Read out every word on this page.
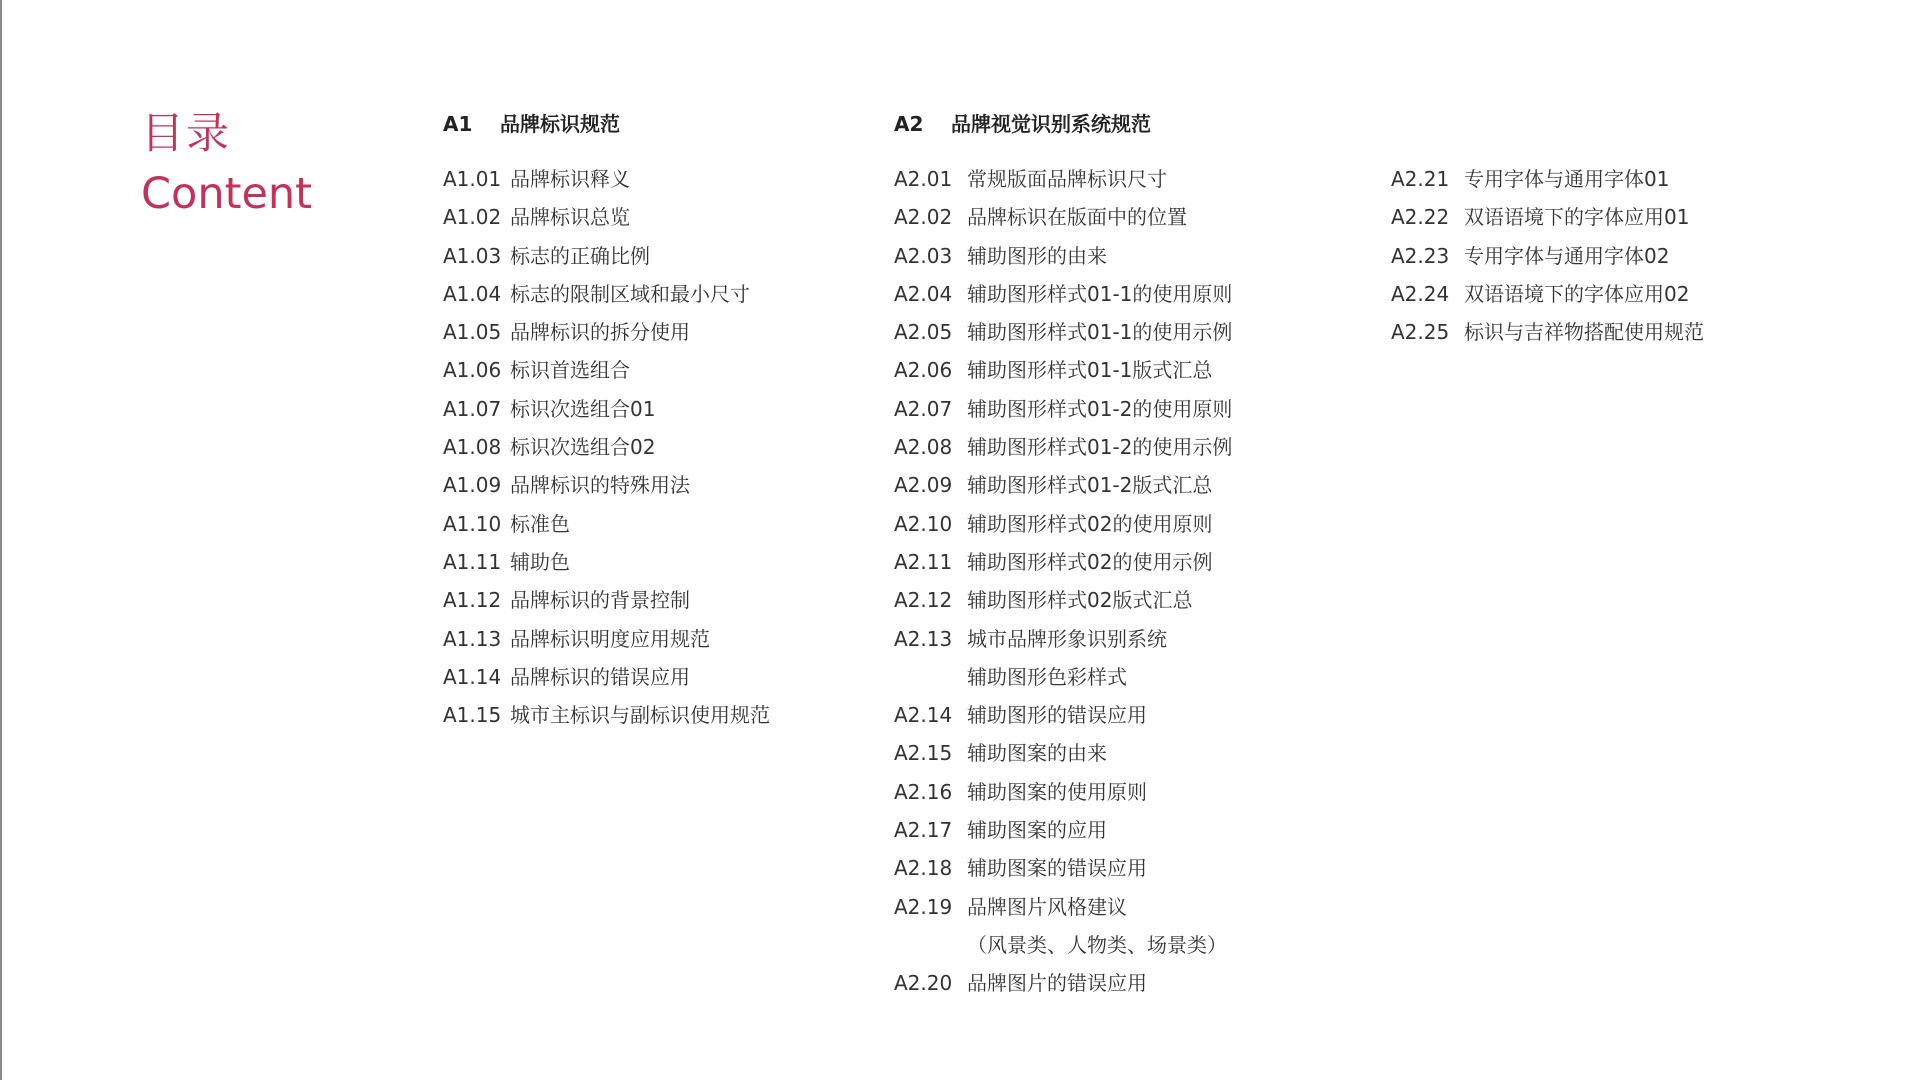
目录
Content
A1 品牌标识规范	A2 品牌视觉识别系统规范
A1.01 品牌标识释义
A1.02 品牌标识总览
A1.03 标志的正确比例
A1.04 标志的限制区域和最小尺寸
A1.05 品牌标识的拆分使用
A1.06 标识首选组合
A1.07 标识次选组合01
A1.08 标识次选组合02
A1.09 品牌标识的特殊用法
A1.10 标准色
A1.11 辅助色
A1.12 品牌标识的背景控制
A1.13 品牌标识明度应用规范
A1.14 品牌标识的错误应用
A1.15 城市主标识与副标识使用规范
A2.01 常规版面品牌标识尺寸
A2.02 品牌标识在版面中的位置
A2.03 辅助图形的由来
A2.04 辅助图形样式01-1的使用原则
A2.05 辅助图形样式01-1的使用示例
A2.06 辅助图形样式01-1版式汇总
A2.07 辅助图形样式01-2的使用原则
A2.08 辅助图形样式01-2的使用示例
A2.09 辅助图形样式01-2版式汇总
A2.10 辅助图形样式02的使用原则
A2.11 辅助图形样式02的使用示例
A2.12 辅助图形样式02版式汇总
A2.13 城市品牌形象识别系统
辅助图形色彩样式
A2.14 辅助图形的错误应用
A2.15 辅助图案的由来
A2.16 辅助图案的使用原则
A2.17 辅助图案的应用
A2.18 辅助图案的错误应用
A2.19 品牌图片风格建议
（风景类、人物类、场景类）
A2.20 品牌图片的错误应用
A2.21 专用字体与通用字体01
A2.22 双语语境下的字体应用01
A2.23 专用字体与通用字体02
A2.24 双语语境下的字体应用02
A2.25 标识与吉祥物搭配使用规范
